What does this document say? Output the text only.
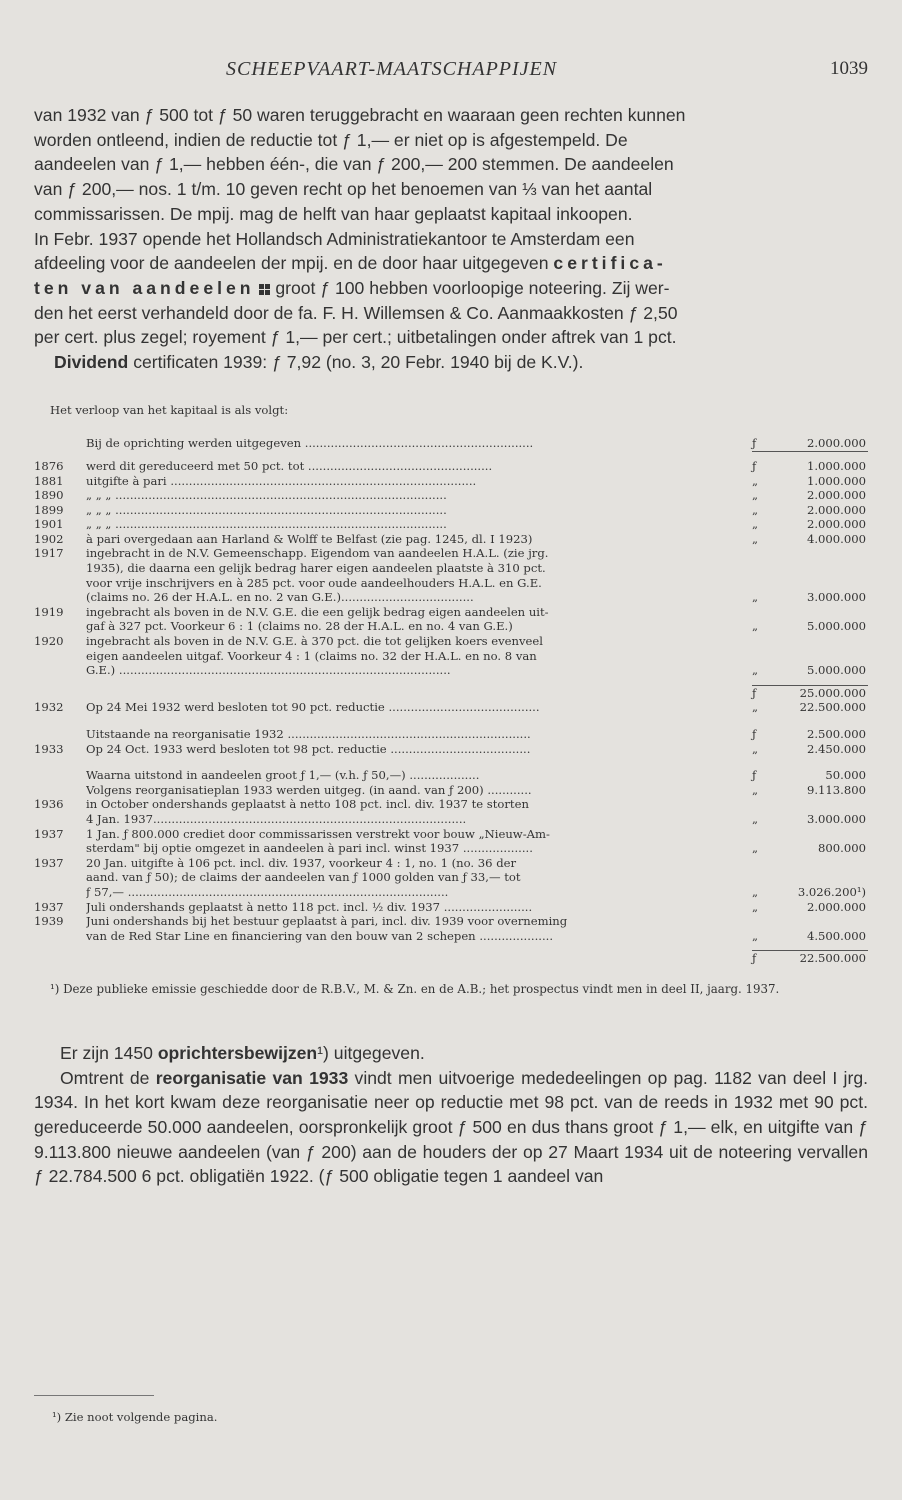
SCHEEPVAART-MAATSCHAPPIJEN	1039

van 1932 van ƒ 500 tot ƒ 50 waren teruggebracht en waaraan geen rechten kunnen
worden ontleend, indien de reductie tot ƒ 1,— er niet op is afgestempeld. De
aandeelen van ƒ 1,— hebben één-, die van ƒ 200,— 200 stemmen. De aandeelen
van ƒ 200,— nos. 1 t/m. 10 geven recht op het benoemen van ⅓ van het aantal
commissarissen. De mpij. mag de helft van haar geplaatst kapitaal inkoopen.
In Febr. 1937 opende het Hollandsch Administratiekantoor te Amsterdam een

afdeeling voor de aandeelen der mpij. en de door haar uitgegeven certifica-

ten van aandeelen groot ƒ 100 hebben voorloopige noteering. Zij wer-

den het eerst verhandeld door de fa. F. H. Willemsen & Co. Aanmaakkosten ƒ 2,50

per cert. plus zegel; royement ƒ 1,— per cert.; uitbetalingen onder aftrek van 1 pct.

Dividend certificaten 1939: ƒ 7,92 (no. 3, 20 Febr. 1940 bij de K.V.).

Het verloop van het kapitaal is als volgt:
Bij de oprichting werden uitgegeven ..............................................................	ƒ	2.000.000
1876	werd dit gereduceerd met 50 pct. tot ..................................................	ƒ	1.000.000
1881	uitgifte à pari ...................................................................................	„	1.000.000
1890	„ „ „ ..........................................................................................	„	2.000.000
1899	„ „ „ ..........................................................................................	„	2.000.000
1901	„ „ „ ..........................................................................................	„	2.000.000
1902	à pari overgedaan aan Harland & Wolff te Belfast (zie pag. 1245, dl. I 1923)	„	4.000.000
1917	ingebracht in de N.V. Gemeenschapp. Eigendom van aandeelen H.A.L. (zie jrg.
1935), die daarna een gelijk bedrag harer eigen aandeelen plaatste à 310 pct.
voor vrije inschrijvers en à 285 pct. voor oude aandeelhouders H.A.L. en G.E.
(claims no. 26 der H.A.L. en no. 2 van G.E.)....................................	„	3.000.000
1919	ingebracht als boven in de N.V. G.E. die een gelijk bedrag eigen aandeelen uit-
gaf à 327 pct. Voorkeur 6 : 1 (claims no. 28 der H.A.L. en no. 4 van G.E.)	„	5.000.000
1920	ingebracht als boven in de N.V. G.E. à 370 pct. die tot gelijken koers evenveel
eigen aandeelen uitgaf. Voorkeur 4 : 1 (claims no. 32 der H.A.L. en no. 8 van
G.E.) ..........................................................................................	„	5.000.000
ƒ	25.000.000
1932	Op 24 Mei 1932 werd besloten tot 90 pct. reductie .........................................	„	22.500.000
Uitstaande na reorganisatie 1932 ..................................................................	ƒ	2.500.000
1933	Op 24 Oct. 1933 werd besloten tot 98 pct. reductie ......................................	„	2.450.000
Waarna uitstond in aandeelen groot ƒ 1,— (v.h. ƒ 50,—) ...................	ƒ	50.000
Volgens reorganisatieplan 1933 werden uitgeg. (in aand. van ƒ 200) ............	„	9.113.800
1936	in October ondershands geplaatst à netto 108 pct. incl. div. 1937 te storten
4 Jan. 1937.....................................................................................	„	3.000.000
1937	1 Jan. ƒ 800.000 crediet door commissarissen verstrekt voor bouw „Nieuw-Am-
sterdam" bij optie omgezet in aandeelen à pari incl. winst 1937 ...................	„	800.000
1937	20 Jan. uitgifte à 106 pct. incl. div. 1937, voorkeur 4 : 1, no. 1 (no. 36 der
aand. van ƒ 50); de claims der aandeelen van ƒ 1000 golden van ƒ 33,— tot
ƒ 57,— .......................................................................................	„	3.026.200¹)
1937	Juli ondershands geplaatst à netto 118 pct. incl. ½ div. 1937 ........................	„	2.000.000
1939	Juni ondershands bij het bestuur geplaatst à pari, incl. div. 1939 voor overneming
van de Red Star Line en financiering van den bouw van 2 schepen ....................	„	4.500.000
ƒ	22.500.000
¹) Deze publieke emissie geschiedde door de R.B.V., M. & Zn. en de A.B.; het prospectus vindt men in deel II, jaarg. 1937.

Er zijn 1450 oprichtersbewijzen¹) uitgegeven.

Omtrent de reorganisatie van 1933 vindt men uitvoerige mededeelingen op pag. 1182 van deel I jrg. 1934. In het kort kwam deze reorganisatie neer op reductie met 98 pct. van de reeds in 1932 met 90 pct. gereduceerde 50.000 aandeelen, oorspronkelijk groot ƒ 500 en dus thans groot ƒ 1,— elk, en uitgifte van ƒ 9.113.800 nieuwe aandeelen (van ƒ 200) aan de houders der op 27 Maart 1934 uit de noteering vervallen ƒ 22.784.500 6 pct. obligatiën 1922. (ƒ 500 obligatie tegen 1 aandeel van

¹) Zie noot volgende pagina.
